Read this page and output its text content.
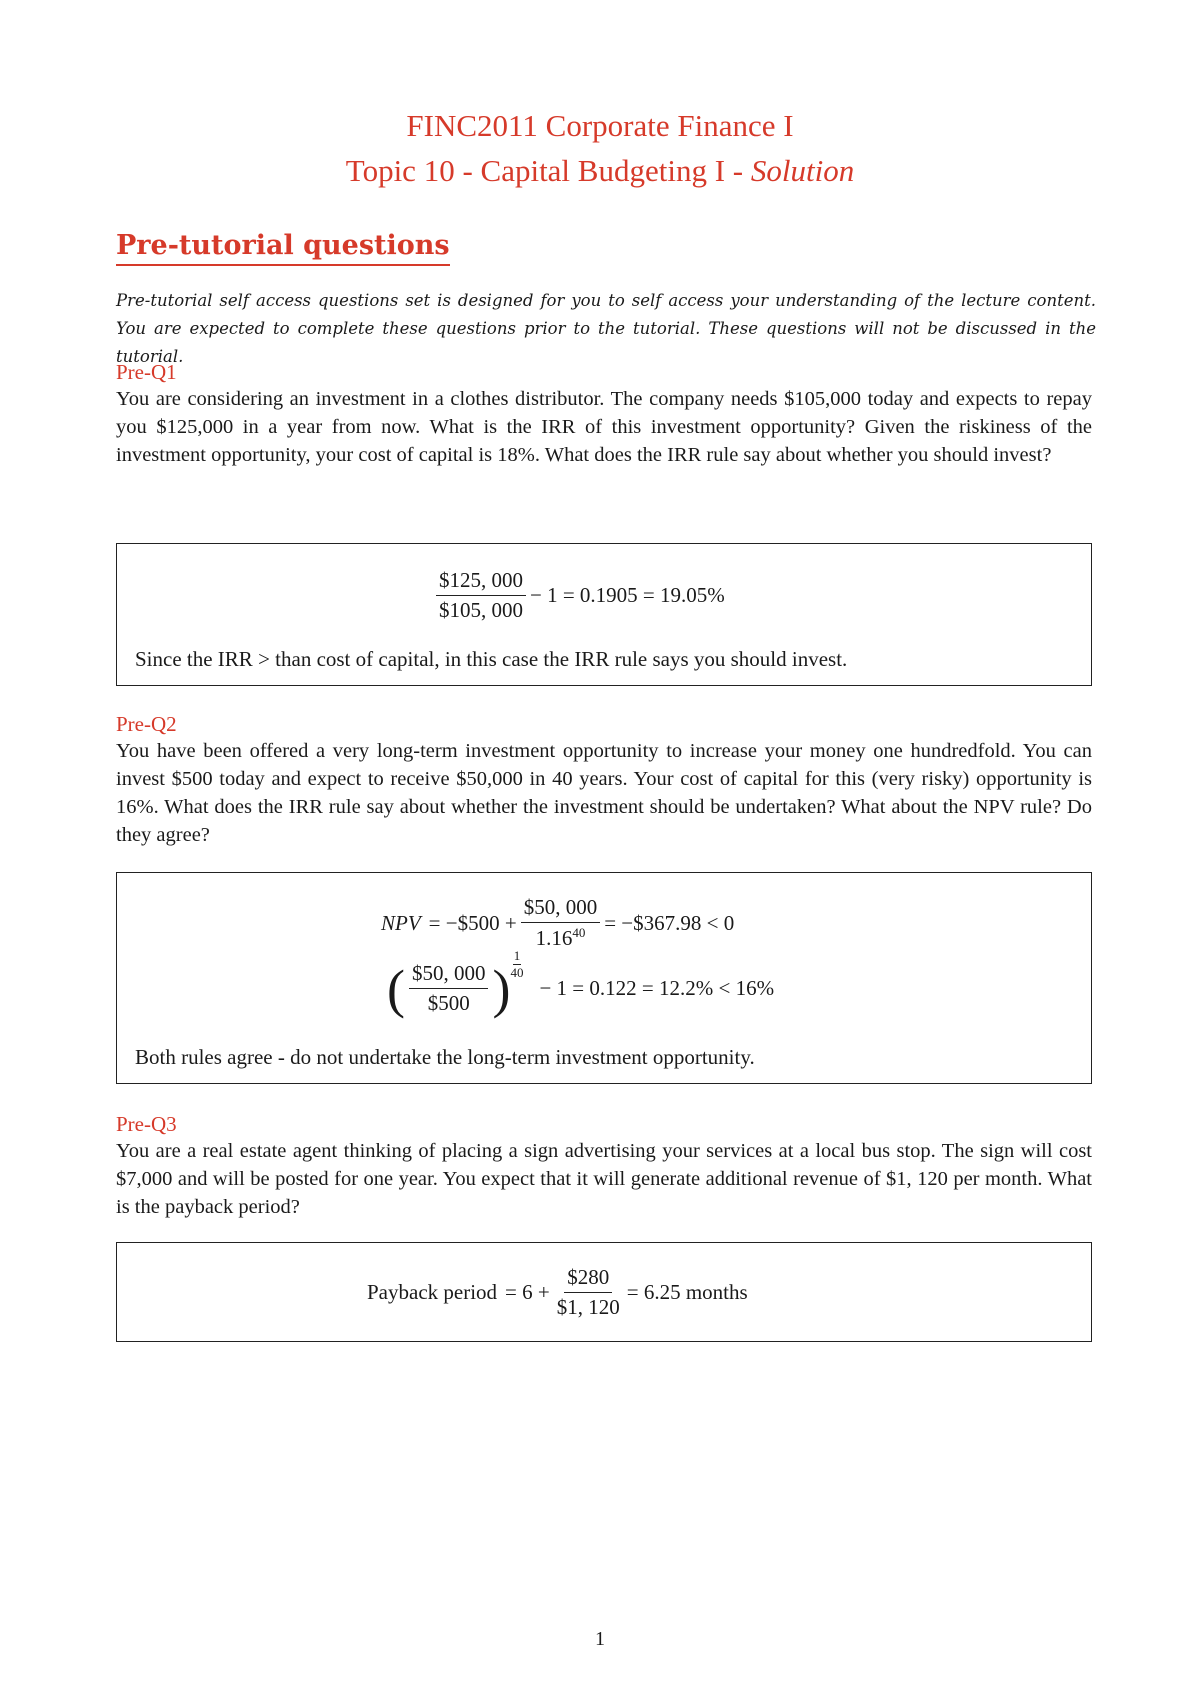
FINC2011 Corporate Finance I
Topic 10 - Capital Budgeting I - Solution
Pre-tutorial questions
Pre-tutorial self access questions set is designed for you to self access your understanding of the lecture content. You are expected to complete these questions prior to the tutorial. These questions will not be discussed in the tutorial.
Pre-Q1
You are considering an investment in a clothes distributor. The company needs $105,000 today and expects to repay you $125,000 in a year from now. What is the IRR of this investment opportunity? Given the riskiness of the investment opportunity, your cost of capital is 18%. What does the IRR rule say about whether you should invest?
$\frac{\$125, 000}{\$105, 000} - 1 = 0.1905 = 19.05\%$
Since the IRR > than cost of capital, in this case the IRR rule says you should invest.
Pre-Q2
You have been offered a very long-term investment opportunity to increase your money one hundredfold. You can invest $500 today and expect to receive $50,000 in 40 years. Your cost of capital for this (very risky) opportunity is 16%. What does the IRR rule say about whether the investment should be undertaken? What about the NPV rule? Do they agree?
NPV = −$500 + $\frac{\$50, 000}{1.16^{40}}$ = −$367.98 < 0
( $\frac{\$50, 000}{\$500}$ ) $\frac{1}{40}$
− 1 = 0.122 = 12.2% < 16%
Both rules agree - do not undertake the long-term investment opportunity.
Pre-Q3
You are a real estate agent thinking of placing a sign advertising your services at a local bus stop. The sign will cost $7,000 and will be posted for one year. You expect that it will generate additional revenue of $1, 120 per month. What is the payback period?
Payback period = $6 + \frac{\$280}{\$1, 120} = 6.25$ months
1
